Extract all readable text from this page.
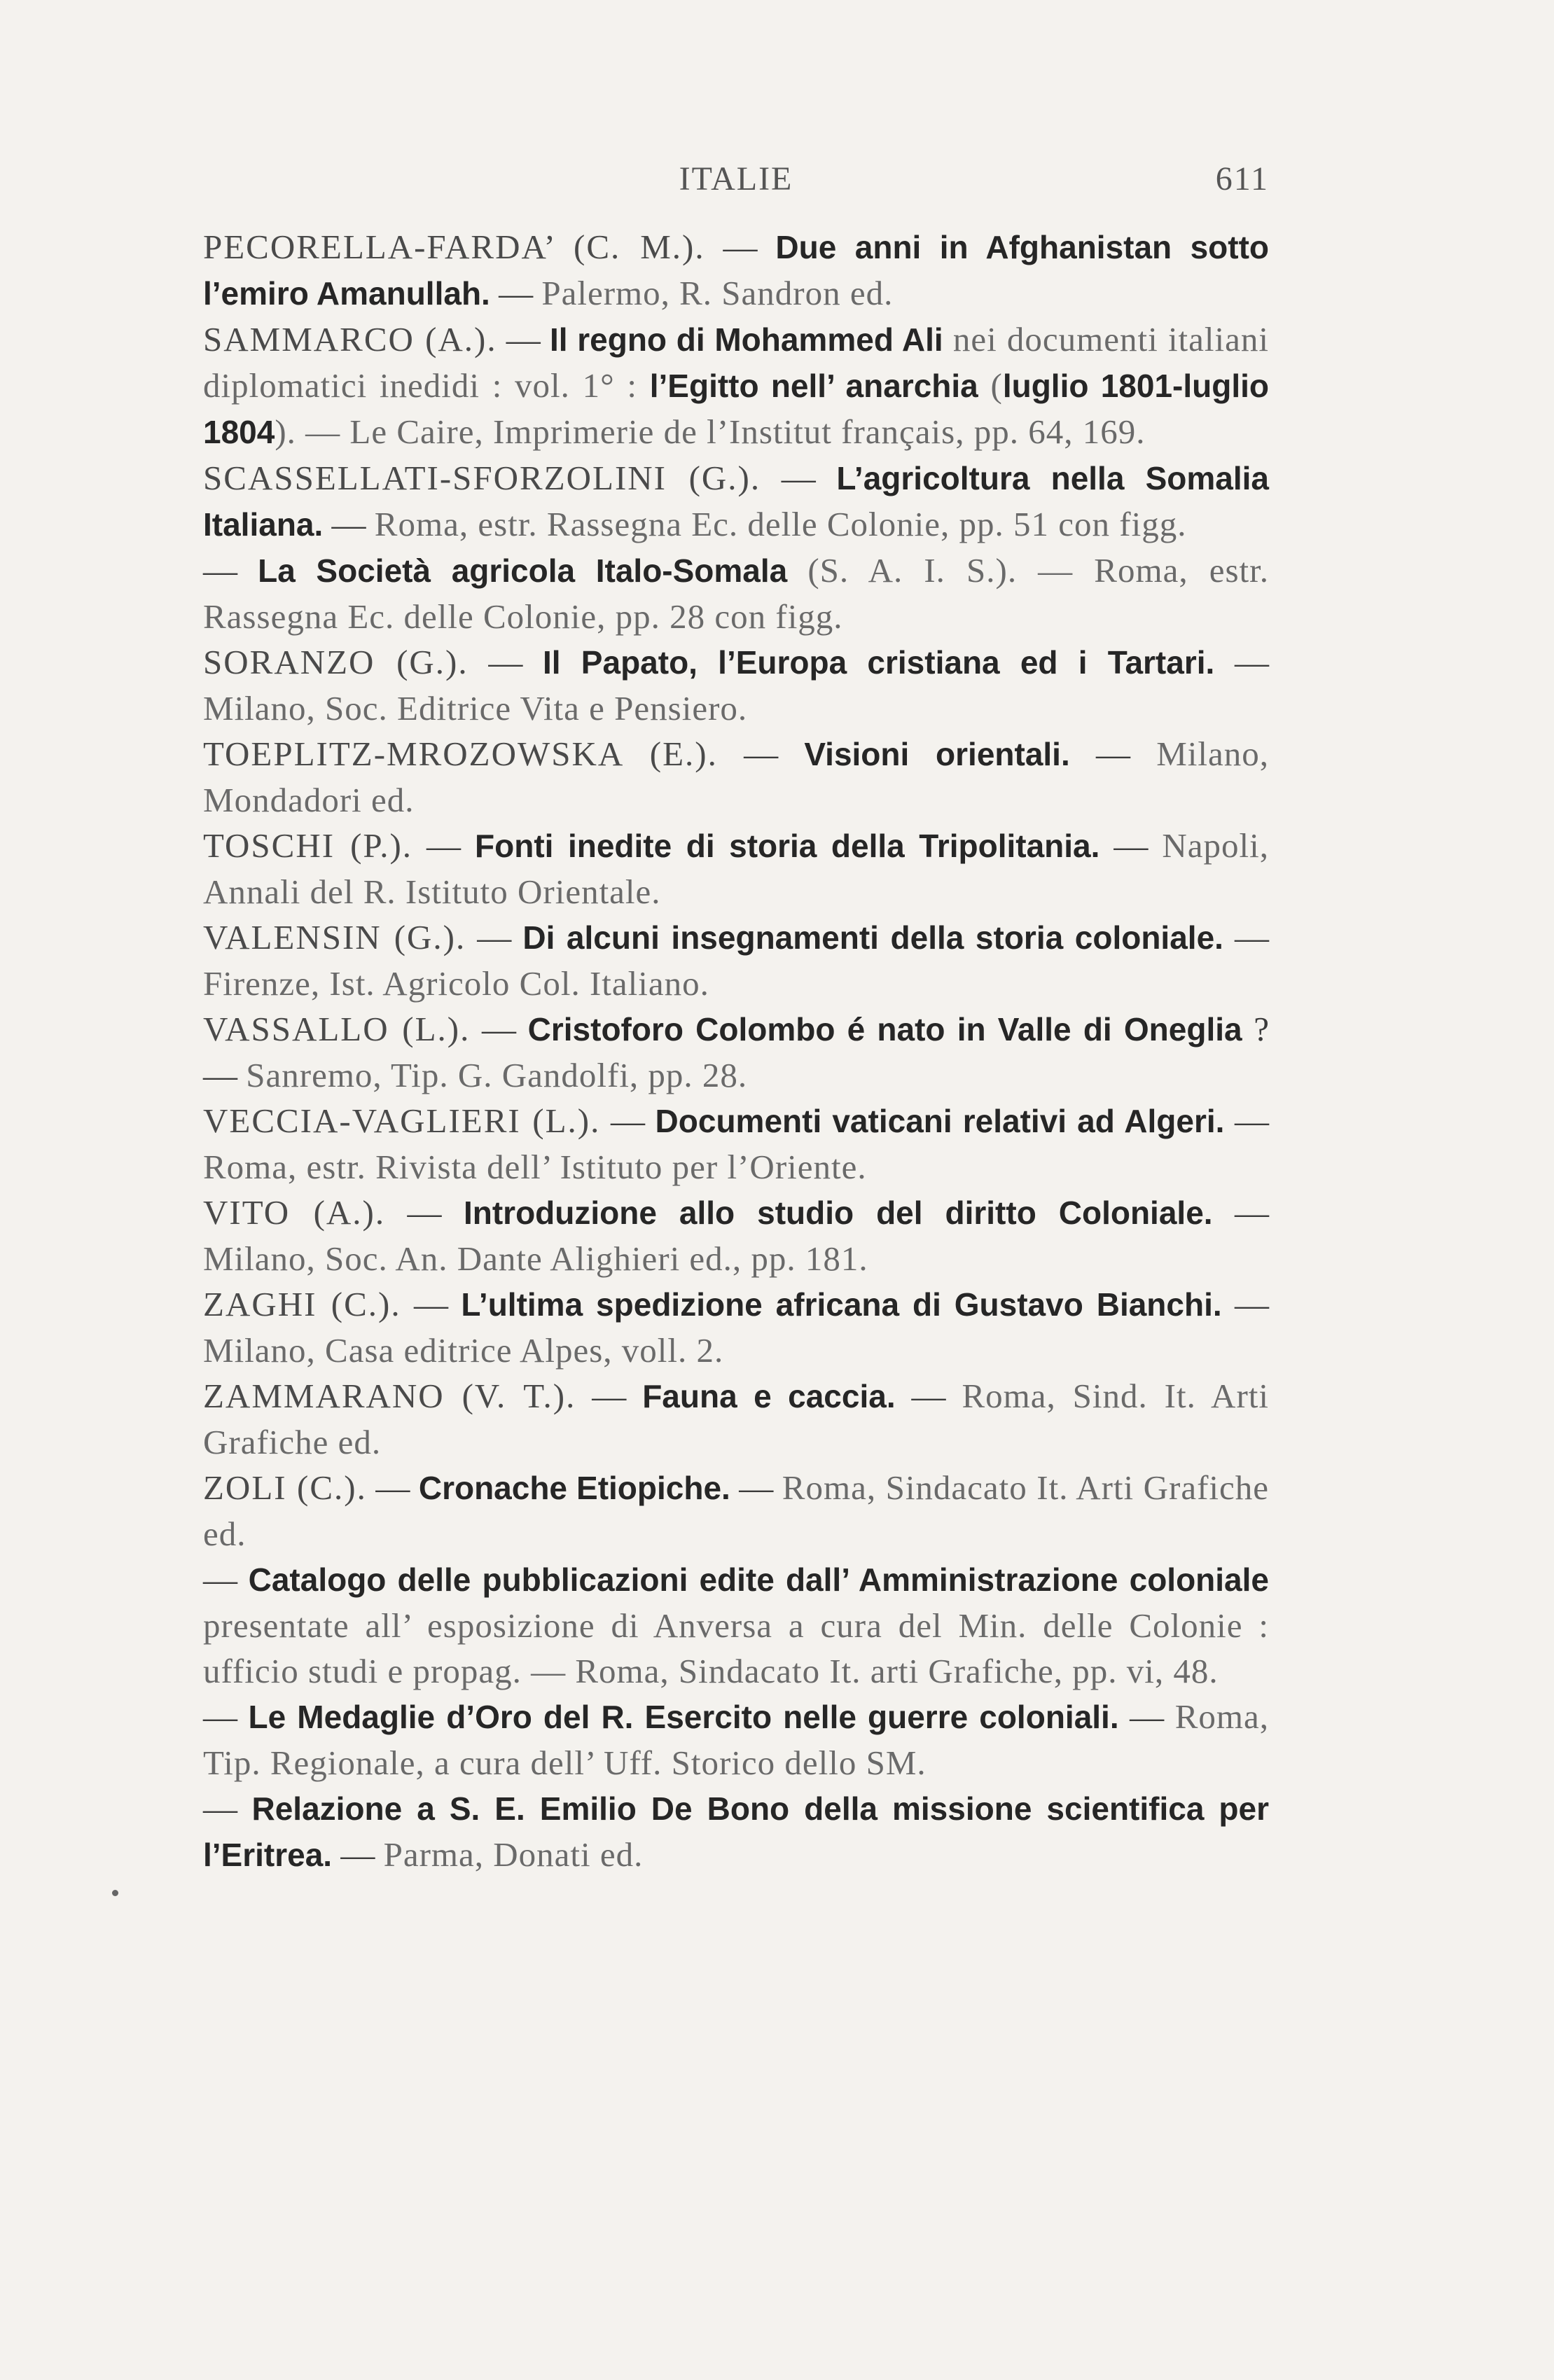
ITALIE	611

PECORELLA-FARDA’ (C. M.). — Due anni in Afghanistan sotto l’emiro Amanullah. — Palermo, R. Sandron ed.

SAMMARCO (A.). — Il regno di Mohammed Ali nei documenti italiani diplomatici inedidi : vol. 1° : l’Egitto nell’ anarchia (luglio 1801-luglio 1804). — Le Caire, Imprimerie de l’Institut français, pp. 64, 169.

SCASSELLATI-SFORZOLINI (G.). — L’agricoltura nella Somalia Italiana. — Roma, estr. Rassegna Ec. delle Colonie, pp. 51 con figg.

— La Società agricola Italo-Somala (S. A. I. S.). — Roma, estr. Rassegna Ec. delle Colonie, pp. 28 con figg.

SORANZO (G.). — Il Papato, l’Europa cristiana ed i Tartari. — Milano, Soc. Editrice Vita e Pensiero.

TOEPLITZ-MROZOWSKA (E.). — Visioni orientali. — Milano, Mondadori ed.

TOSCHI (P.). — Fonti inedite di storia della Tripolitania. — Napoli, Annali del R. Istituto Orientale.

VALENSIN (G.). — Di alcuni insegnamenti della storia coloniale. — Firenze, Ist. Agricolo Col. Italiano.

VASSALLO (L.). — Cristoforo Colombo é nato in Valle di Oneglia ? — Sanremo, Tip. G. Gandolfi, pp. 28.

VECCIA-VAGLIERI (L.). — Documenti vaticani relativi ad Algeri. — Roma, estr. Rivista dell’ Istituto per l’Oriente.

VITO (A.). — Introduzione allo studio del diritto Coloniale. — Milano, Soc. An. Dante Alighieri ed., pp. 181.

ZAGHI (C.). — L’ultima spedizione africana di Gustavo Bianchi. — Milano, Casa editrice Alpes, voll. 2.

ZAMMARANO (V. T.). — Fauna e caccia. — Roma, Sind. It. Arti Grafiche ed.

ZOLI (C.). — Cronache Etiopiche. — Roma, Sindacato It. Arti Grafiche ed.

— Catalogo delle pubblicazioni edite dall’ Amministrazione coloniale presentate all’ esposizione di Anversa a cura del Min. delle Colonie : ufficio studi e propag. — Roma, Sindacato It. arti Grafiche, pp. vi, 48.

— Le Medaglie d’Oro del R. Esercito nelle guerre coloniali. — Roma, Tip. Regionale, a cura dell’ Uff. Storico dello SM.

— Relazione a S. E. Emilio De Bono della missione scientifica per l’Eritrea. — Parma, Donati ed.
